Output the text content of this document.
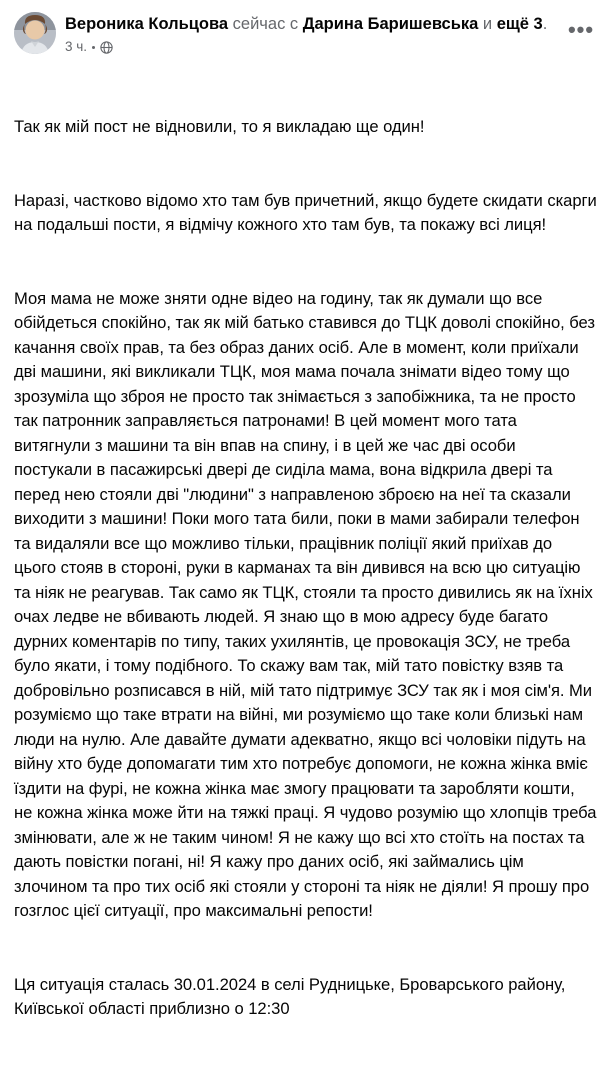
Вероника Кольцова сейчас с Дарина Баришевська и ещё 3.
3 ч.
•••

Так як мій пост не відновили, то я викладаю ще один!

Наразі, частково відомо хто там був причетний, якщо будете скидати скарги на подальші пости, я відмічу кожного хто там був, та покажу всі лиця!

Моя мама не може зняти одне відео на годину, так як думали що все обійдеться спокійно, так як мій батько ставився до ТЦК доволі спокійно, без качання своїх прав, та без образ даних осіб. Але в момент, коли приїхали дві машини, які викликали ТЦК, моя мама почала знімати відео тому що зрозуміла що зброя не просто так знімається з запобіжника, та не просто так патронник заправляється патронами! В цей момент мого тата витягнули з машини та він впав на спину, і в цей же час дві особи постукали в пасажирські двері де сиділа мама, вона відкрила двері та перед нею стояли дві "людини" з направленою зброєю на неї та сказали виходити з машини! Поки мого тата били, поки в мами забирали телефон та видаляли все що можливо тільки, працівник поліції який приїхав до цього стояв в стороні, руки в карманах та він дивився на всю цю ситуацію та ніяк не реагував. Так само як ТЦК, стояли та просто дивились як на їхніх очах ледве не вбивають людей. Я знаю що в мою адресу буде багато дурних коментарів по типу, таких ухилянтів, це провокація ЗСУ, не треба було якати, і тому подібного. То скажу вам так, мій тато повістку взяв та добровільно розписався в ній, мій тато підтримує ЗСУ так як і моя сім'я. Ми розуміємо що таке втрати на війні, ми розуміємо що таке коли близькі нам люди на нулю. Але давайте думати адекватно, якщо всі чоловіки підуть на війну хто буде допомагати тим хто потребує допомоги, не кожна жінка вміє їздити на фурі, не кожна жінка має змогу працювати та заробляти кошти, не кожна жінка може йти на тяжкі праці. Я чудово розумію що хлопців треба змінювати, але ж не таким чином! Я не кажу що всі хто стоїть на постах та дають повістки погані, ні! Я кажу про даних осіб, які займались цім злочином та про тих осіб які стояли у стороні та ніяк не діяли! Я прошу про гозглос цієї ситуації, про максимальні репости!

Ця ситуація сталась 30.01.2024 в селі Рудницьке, Броварського району, Київської області приблизно о 12:30
